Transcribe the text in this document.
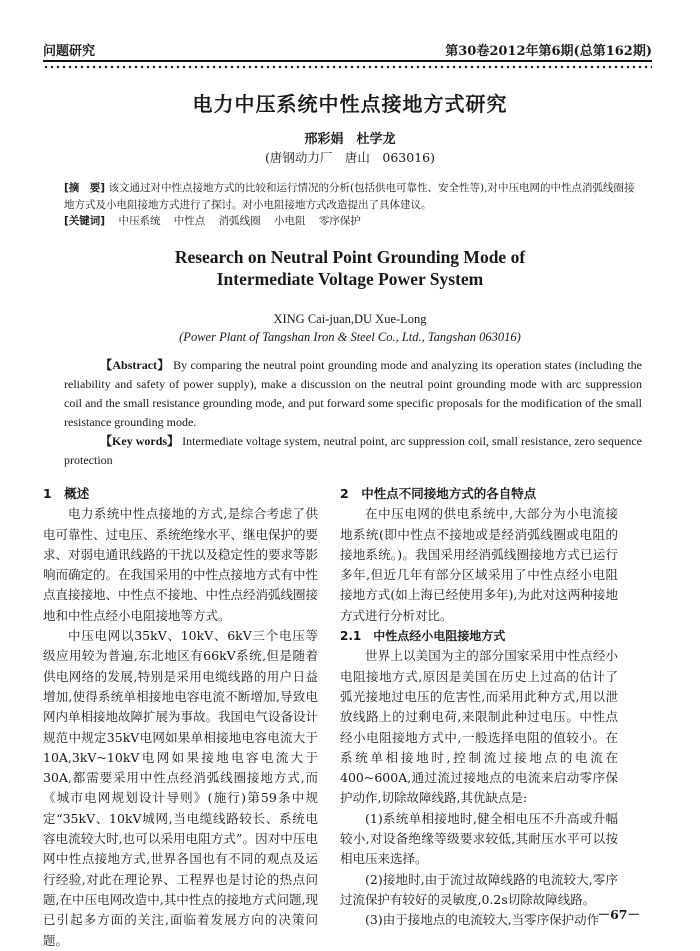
问题研究	第30卷2012年第6期(总第162期)
电力中压系统中性点接地方式研究
邢彩娟　杜学龙
(唐钢动力厂　唐山　063016)
[摘　要] 该文通过对中性点接地方式的比较和运行情况的分析(包括供电可靠性、安全性等),对中压电网的中性点消弧线圈接地方式及小电阻接地方式进行了探讨。对小电阻接地方式改造提出了具体建议。
[关键词] 中压系统 中性点 消弧线圈 小电阻 零序保护
Research on Neutral Point Grounding Mode of
Intermediate Voltage Power System
XING Cai-juan,DU Xue-Long
(Power Plant of Tangshan Iron & Steel Co., Ltd., Tangshan 063016)
【Abstract】 By comparing the neutral point grounding mode and analyzing its operation states (including the reliability and safety of power supply), make a discussion on the neutral point grounding mode with arc suppression coil and the small resistance grounding mode, and put forward some specific proposals for the modification of the small resistance grounding mode.
【Key words】 Intermediate voltage system, neutral point, arc suppression coil, small resistance, zero sequence protection
1　概述

电力系统中性点接地的方式,是综合考虑了供电可靠性、过电压、系统绝缘水平、继电保护的要求、对弱电通讯线路的干扰以及稳定性的要求等影响而确定的。在我国采用的中性点接地方式有中性点直接接地、中性点不接地、中性点经消弧线圈接地和中性点经小电阻接地等方式。

中压电网以35kV、10kV、6kV三个电压等级应用较为普遍,东北地区有66kV系统,但是随着供电网络的发展,特别是采用电缆线路的用户日益增加,使得系统单相接地电容电流不断增加,导致电网内单相接地故障扩展为事故。我国电气设备设计规范中规定35kV电网如果单相接地电容电流大于10A,3kV~10kV电网如果接地电容电流大于30A,都需要采用中性点经消弧线圈接地方式,而《城市电网规划设计导则》(施行)第59条中规定“35kV、10kV城网,当电缆线路较长、系统电容电流较大时,也可以采用电阻方式”。因对中压电网中性点接地方式,世界各国也有不同的观点及运行经验,对此在理论界、工程界也是讨论的热点问题,在中压电网改造中,其中性点的接地方式问题,现已引起多方面的关注,面临着发展方向的决策问题。

2　中性点不同接地方式的各自特点

在中压电网的供电系统中,大部分为小电流接地系统(即中性点不接地或是经消弧线圈或电阻的接地系统。)。我国采用经消弧线圈接地方式已运行多年,但近几年有部分区域采用了中性点经小电阻接地方式(如上海已经使用多年),为此对这两种接地方式进行分析对比。

2.1　中性点经小电阻接地方式

世界上以美国为主的部分国家采用中性点经小电阻接地方式,原因是美国在历史上过高的估计了弧光接地过电压的危害性,而采用此种方式,用以泄放线路上的过剩电荷,来限制此种过电压。中性点经小电阻接地方式中,一般选择电阻的值较小。在系统单相接地时,控制流过接地点的电流在400~600A,通过流过接地点的电流来启动零序保护动作,切除故障线路,其优缺点是:

(1)系统单相接地时,健全相电压不升高或升幅较小,对设备绝缘等级要求较低,其耐压水平可以按相电压来选择。

(2)接地时,由于流过故障线路的电流较大,零序过流保护有较好的灵敏度,0.2s切除故障线路。

(3)由于接地点的电流较大,当零序保护动作

－67－
